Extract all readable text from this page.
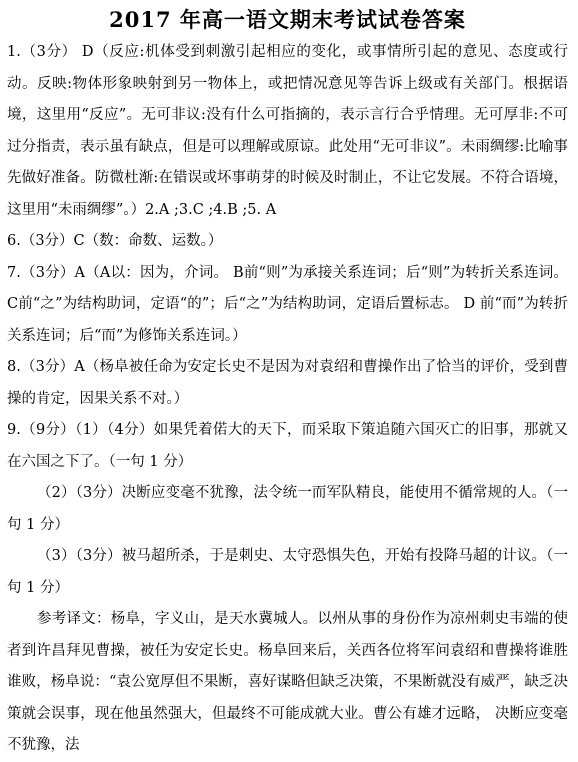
2017 年高一语文期末考试试卷答案

1.（3分） D（反应:机体受到刺激引起相应的变化，或事情所引起的意见、态度或行动。反映:物体形象映射到另一物体上，或把情况意见等告诉上级或有关部门。根据语境，这里用“反应”。无可非议:没有什么可指摘的，表示言行合乎情理。无可厚非:不可过分指责，表示虽有缺点，但是可以理解或原谅。此处用“无可非议”。未雨绸缪:比喻事先做好准备。防微杜渐:在错误或坏事萌芽的时候及时制止，不让它发展。不符合语境，这里用“未雨绸缪”。）2.A ;3.C ;4.B ;5. A

6.（3分）C（数：命数、运数。）

7.（3分）A（A以：因为，介词。 B前“则”为承接关系连词；后“则”为转折关系连词。C前“之”为结构助词，定语“的”；后“之”为结构助词，定语后置标志。 D 前“而”为转折关系连词；后“而”为修饰关系连词。）

8.（3分）A（杨阜被任命为安定长史不是因为对袁绍和曹操作出了恰当的评价，受到曹操的肯定，因果关系不对。）

9.（9分）（1）（4分）如果凭着偌大的天下，而采取下策追随六国灭亡的旧事，那就又在六国之下了。（一句 1 分）

（2）（3分）决断应变毫不犹豫，法令统一而军队精良，能使用不循常规的人。（一句 1 分）

（3）（3分）被马超所杀，于是刺史、太守恐惧失色，开始有投降马超的计议。（一句 1 分）

参考译文：杨阜，字义山，是天水冀城人。以州从事的身份作为凉州刺史韦端的使者到许昌拜见曹操，被任为安定长史。杨阜回来后，关西各位将军问袁绍和曹操将谁胜 谁败，杨阜说：“袁公宽厚但不果断，喜好谋略但缺乏决策，不果断就没有威严，缺乏决策就会误事，现在他虽然强大，但最终不可能成就大业。曹公有雄才远略， 决断应变毫不犹豫，法
